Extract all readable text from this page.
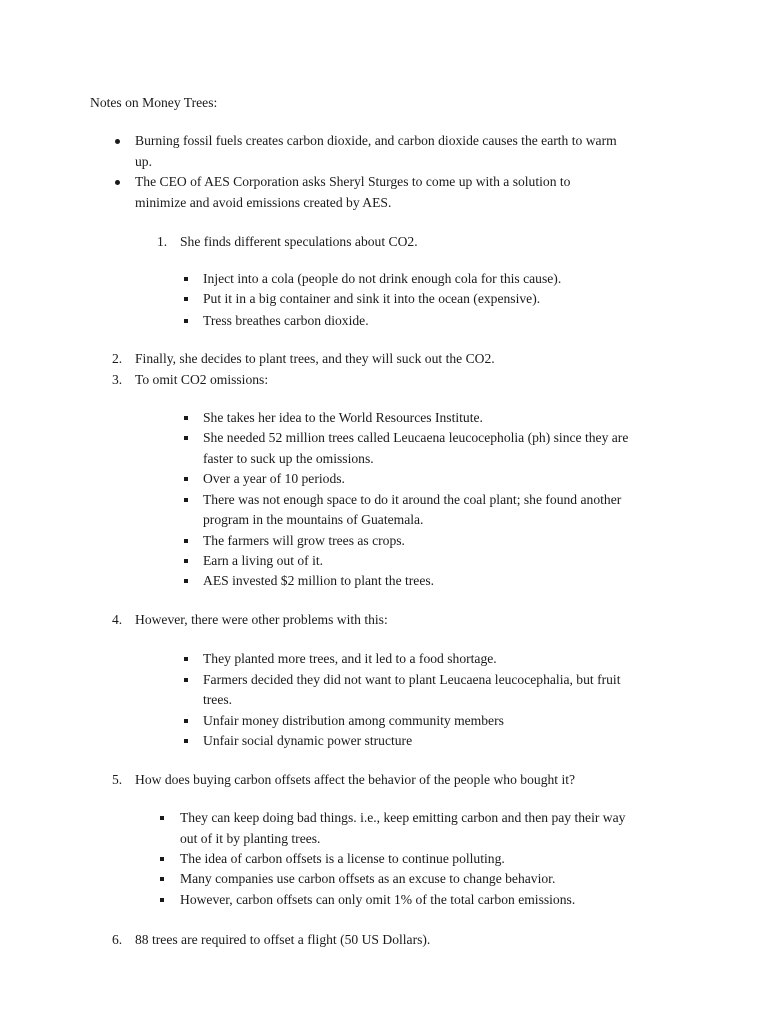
Notes on Money Trees:
Burning fossil fuels creates carbon dioxide, and carbon dioxide causes the earth to warm
up.
The CEO of AES Corporation asks Sheryl Sturges to come up with a solution to
minimize and avoid emissions created by AES.
1. She finds different speculations about CO2.
Inject into a cola (people do not drink enough cola for this cause).
Put it in a big container and sink it into the ocean (expensive).
Tress breathes carbon dioxide.
2. Finally, she decides to plant trees, and they will suck out the CO2.
3. To omit CO2 omissions:
She takes her idea to the World Resources Institute.
She needed 52 million trees called Leucaena leucocepholia (ph) since they are
faster to suck up the omissions.
Over a year of 10 periods.
There was not enough space to do it around the coal plant; she found another
program in the mountains of Guatemala.
The farmers will grow trees as crops.
Earn a living out of it.
AES invested $2 million to plant the trees.
4. However, there were other problems with this:
They planted more trees, and it led to a food shortage.
Farmers decided they did not want to plant Leucaena leucocephalia, but fruit
trees.
Unfair money distribution among community members
Unfair social dynamic power structure
5. How does buying carbon offsets affect the behavior of the people who bought it?
They can keep doing bad things. i.e., keep emitting carbon and then pay their way
out of it by planting trees.
The idea of carbon offsets is a license to continue polluting.
Many companies use carbon offsets as an excuse to change behavior.
However, carbon offsets can only omit 1% of the total carbon emissions.
6. 88 trees are required to offset a flight (50 US Dollars).
